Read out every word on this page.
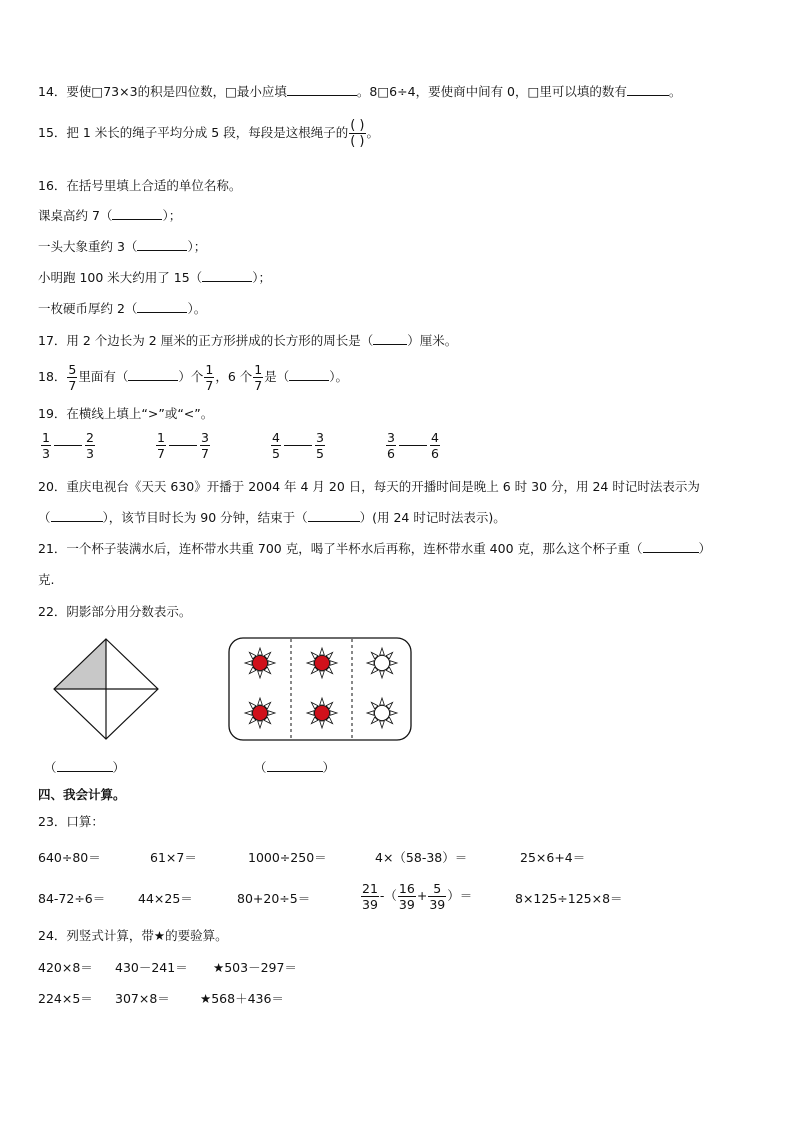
14．要使□73×3的积是四位数，□最小应填	。8□6÷4，要使商中间有 0，□里可以填的数有	。
15．把 1 米长的绳子平均分成 5 段，每段是这根绳子的 $\frac{( )}{( )}$ 。
16．在括号里填上合适的单位名称。
课桌高约 7（	）；
一头大象重约 3（	）；
小明跑 100 米大约用了 15（	）；
一枚硬币厚约 2（	）。
17．用 2 个边长为 2 厘米的正方形拼成的长方形的周长是（	）厘米。
18． $\frac{5}{7}$ 里面有（	）个 $\frac{1}{7}$ ，6 个 $\frac{1}{7}$ 是（	）。
19．在横线上填上“>”或“<”。
$\frac{1}{3}$	$\frac{2}{3}$	$\frac{1}{7}$	$\frac{3}{7}$	$\frac{4}{5}$	$\frac{3}{5}$	$\frac{3}{6}$	$\frac{4}{6}$
20．重庆电视台《天天 630》开播于 2004 年 4 月 20 日，每天的开播时间是晚上 6 时 30 分，用 24 时记时法表示为
（	），该节目时长为 90 分钟，结束于（	）(用 24 时记时法表示)。
21．一个杯子装满水后，连杯带水共重 700 克，喝了半杯水后再称，连杯带水重 400 克，那么这个杯子重（	）
克.
22．阴影部分用分数表示。
（	）	（	）
四、我会计算。
23．口算：
640÷80＝	61×7＝	1000÷250＝	4×（58-38）＝	25×6+4＝
84-72÷6＝	44×25＝	80+20÷5＝	$\frac{21}{39}$ -（ $\frac{16}{39} + \frac{5}{39}$ ）＝	8×125÷125×8＝
24．列竖式计算，带★的要验算。
420×8＝ 430－241＝ ★503－297＝
224×5＝ 307×8＝ ★568＋436＝
